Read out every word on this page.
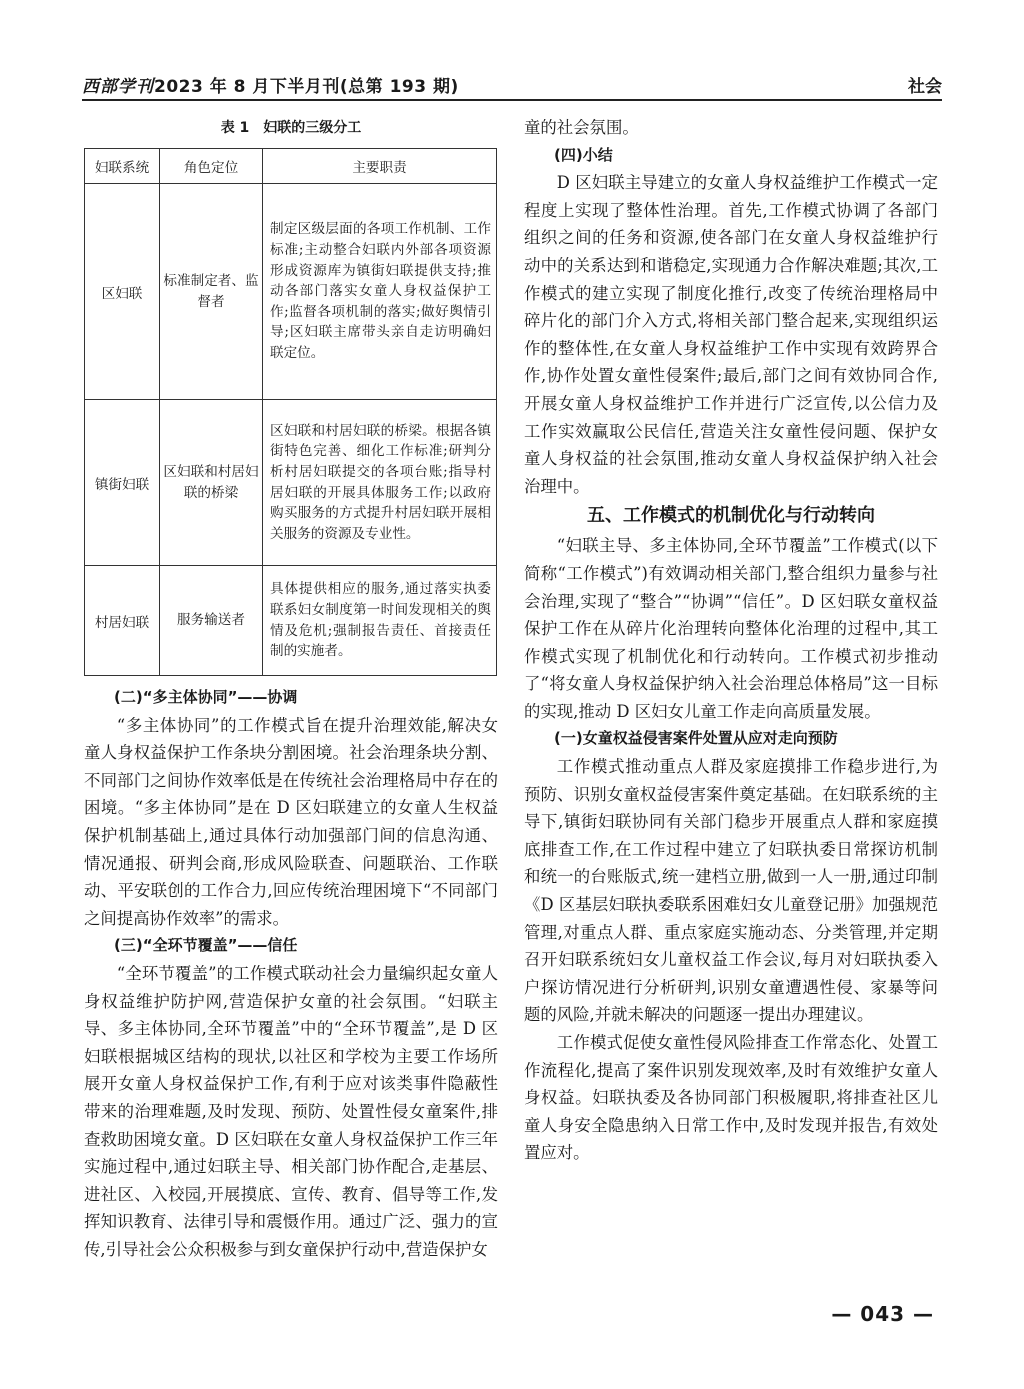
西部学刊2023 年 8 月下半月刊(总第 193 期)	社会
表 1　妇联的三级分工
妇联系统	角色定位	主要职责
区妇联	标准制定者、监督者	制定区级层面的各项工作机制、工作标准;主动整合妇联内外部各项资源形成资源库为镇街妇联提供支持;推动各部门落实女童人身权益保护工作;监督各项机制的落实;做好舆情引导;区妇联主席带头亲自走访明确妇联定位。
镇街妇联	区妇联和村居妇联的桥梁	区妇联和村居妇联的桥梁。根据各镇街特色完善、细化工作标准;研判分析村居妇联提交的各项台账;指导村居妇联的开展具体服务工作;以政府购买服务的方式提升村居妇联开展相关服务的资源及专业性。
村居妇联	服务输送者	具体提供相应的服务,通过落实执委联系妇女制度第一时间发现相关的舆情及危机;强制报告责任、首接责任制的实施者。
(二)“多主体协同”——协调

“多主体协同”的工作模式旨在提升治理效能,解决女童人身权益保护工作条块分割困境。社会治理条块分割、不同部门之间协作效率低是在传统社会治理格局中存在的困境。“多主体协同”是在 D 区妇联建立的女童人生权益保护机制基础上,通过具体行动加强部门间的信息沟通、情况通报、研判会商,形成风险联查、问题联治、工作联动、平安联创的工作合力,回应传统治理困境下“不同部门之间提高协作效率”的需求。

(三)“全环节覆盖”——信任

“全环节覆盖”的工作模式联动社会力量编织起女童人身权益维护防护网,营造保护女童的社会氛围。“妇联主导、多主体协同,全环节覆盖”中的“全环节覆盖”,是 D 区妇联根据城区结构的现状,以社区和学校为主要工作场所展开女童人身权益保护工作,有利于应对该类事件隐蔽性带来的治理难题,及时发现、预防、处置性侵女童案件,排查救助困境女童。D 区妇联在女童人身权益保护工作三年实施过程中,通过妇联主导、相关部门协作配合,走基层、进社区、入校园,开展摸底、宣传、教育、倡导等工作,发挥知识教育、法律引导和震慑作用。通过广泛、强力的宣传,引导社会公众积极参与到女童保护行动中,营造保护女

童的社会氛围。

(四)小结

D 区妇联主导建立的女童人身权益维护工作模式一定程度上实现了整体性治理。首先,工作模式协调了各部门组织之间的任务和资源,使各部门在女童人身权益维护行动中的关系达到和谐稳定,实现通力合作解决难题;其次,工作模式的建立实现了制度化推行,改变了传统治理格局中碎片化的部门介入方式,将相关部门整合起来,实现组织运作的整体性,在女童人身权益维护工作中实现有效跨界合作,协作处置女童性侵案件;最后,部门之间有效协同合作,开展女童人身权益维护工作并进行广泛宣传,以公信力及工作实效赢取公民信任,营造关注女童性侵问题、保护女童人身权益的社会氛围,推动女童人身权益保护纳入社会治理中。

五、工作模式的机制优化与行动转向

“妇联主导、多主体协同,全环节覆盖”工作模式(以下简称“工作模式”)有效调动相关部门,整合组织力量参与社会治理,实现了“整合”“协调”“信任”。D 区妇联女童权益保护工作在从碎片化治理转向整体化治理的过程中,其工作模式实现了机制优化和行动转向。工作模式初步推动了“将女童人身权益保护纳入社会治理总体格局”这一目标的实现,推动 D 区妇女儿童工作走向高质量发展。

(一)女童权益侵害案件处置从应对走向预防

工作模式推动重点人群及家庭摸排工作稳步进行,为预防、识别女童权益侵害案件奠定基础。在妇联系统的主导下,镇街妇联协同有关部门稳步开展重点人群和家庭摸底排查工作,在工作过程中建立了妇联执委日常探访机制和统一的台账版式,统一建档立册,做到一人一册,通过印制《D 区基层妇联执委联系困难妇女儿童登记册》加强规范管理,对重点人群、重点家庭实施动态、分类管理,并定期召开妇联系统妇女儿童权益工作会议,每月对妇联执委入户探访情况进行分析研判,识别女童遭遇性侵、家暴等问题的风险,并就未解决的问题逐一提出办理建议。

工作模式促使女童性侵风险排查工作常态化、处置工作流程化,提高了案件识别发现效率,及时有效维护女童人身权益。妇联执委及各协同部门积极履职,将排查社区儿童人身安全隐患纳入日常工作中,及时发现并报告,有效处置应对。

— 043 —
